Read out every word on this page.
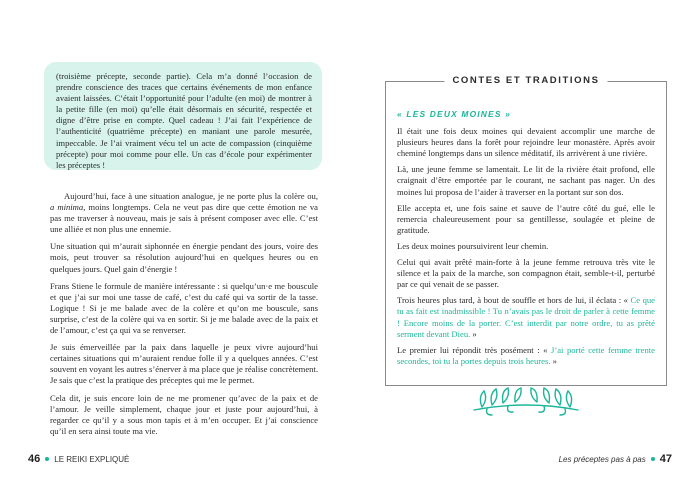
(troisième précepte, seconde partie). Cela m’a donné l’occasion de prendre conscience des traces que certains événements de mon enfance avaient laissées. C’était l’opportunité pour l’adulte (en moi) de montrer à la petite fille (en moi) qu’elle était désormais en sécurité, respectée et digne d’être prise en compte. Quel cadeau ! J’ai fait l’expérience de l’authenticité (quatrième précepte) en maniant une parole mesurée, impeccable. Je l’ai vraiment vécu tel un acte de compassion (cinquième précepte) pour moi comme pour elle. Un cas d’école pour expérimenter les préceptes !

Aujourd’hui, face à une situation analogue, je ne porte plus la colère ou, a minima, moins longtemps. Cela ne veut pas dire que cette émotion ne va pas me traverser à nouveau, mais je sais à présent composer avec elle. C’est une alliée et non plus une ennemie.

Une situation qui m’aurait siphonnée en énergie pendant des jours, voire des mois, peut trouver sa résolution aujourd’hui en quelques heures ou en quelques jours. Quel gain d’énergie !

Frans Stiene le formule de manière intéressante : si quelqu’un·e me bouscule et que j’ai sur moi une tasse de café, c’est du café qui va sortir de la tasse. Logique ! Si je me balade avec de la colère et qu’on me bouscule, sans surprise, c’est de la colère qui va en sortir. Si je me balade avec de la paix et de l’amour, c’est ça qui va se renverser.

Je suis émerveillée par la paix dans laquelle je peux vivre aujourd’hui certaines situations qui m’auraient rendue folle il y a quelques années. C’est souvent en voyant les autres s’énerver à ma place que je réalise concrètement. Je sais que c’est la pratique des préceptes qui me le permet.

Cela dit, je suis encore loin de ne me promener qu’avec de la paix et de l’amour. Je veille simplement, chaque jour et juste pour aujourd’hui, à regarder ce qu’il y a sous mon tapis et à m’en occuper. Et j’ai conscience qu’il en sera ainsi toute ma vie.

46 LE REIKI EXPLIQUÉ
CONTES ET TRADITIONS
« LES DEUX MOINES »

Il était une fois deux moines qui devaient accomplir une marche de plusieurs heures dans la forêt pour rejoindre leur monastère. Après avoir cheminé longtemps dans un silence méditatif, ils arrivèrent à une rivière.

Là, une jeune femme se lamentait. Le lit de la rivière était profond, elle craignait d’être emportée par le courant, ne sachant pas nager. Un des moines lui proposa de l’aider à traverser en la portant sur son dos.

Elle accepta et, une fois saine et sauve de l’autre côté du gué, elle le remercia chaleureusement pour sa gentillesse, soulagée et pleine de gratitude.

Les deux moines poursuivirent leur chemin.

Celui qui avait prêté main-forte à la jeune femme retrouva très vite le silence et la paix de la marche, son compagnon était, semble-t-il, perturbé par ce qui venait de se passer.

Trois heures plus tard, à bout de souffle et hors de lui, il éclata : « Ce que tu as fait est inadmissible ! Tu n’avais pas le droit de parler à cette femme ! Encore moins de la porter. C’est interdit par notre ordre, tu as prêté serment devant Dieu. »

Le premier lui répondit très posément : « J’ai porté cette femme trente secondes, toi tu la portes depuis trois heures. »

Les préceptes pas à pas 47
